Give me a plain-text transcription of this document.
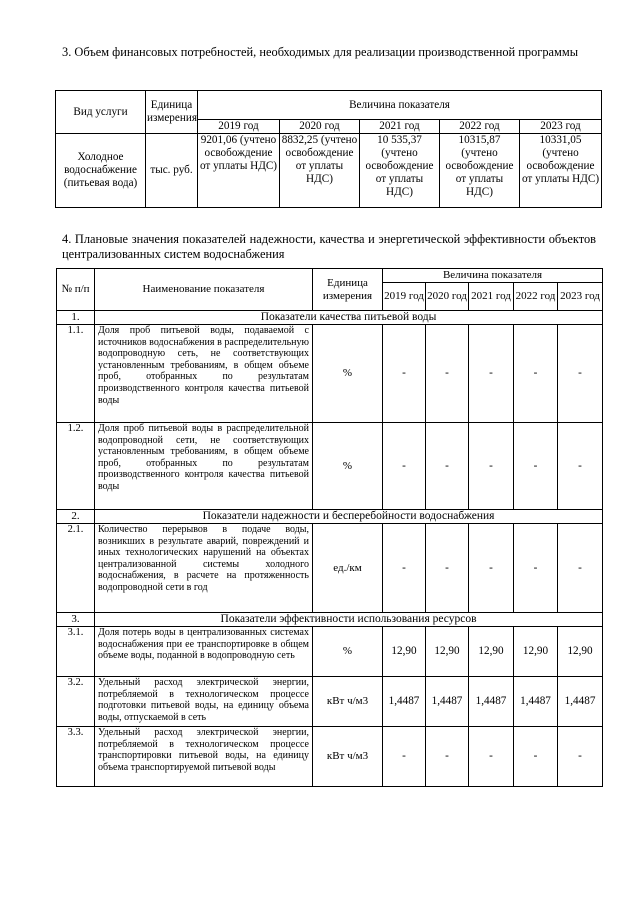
3. Объем финансовых потребностей, необходимых для реализации производственной программы
Вид услуги	Единица измерения	Величина показателя				
		2019 год	2020 год	2021 год	2022 год	2023 год
Холодное водоснабжение (питьевая вода)	тыс. руб.	9201,06 (учтено освобождение от уплаты НДС)	8832,25 (учтено освобождение от уплаты НДС)	10 535,37 (учтено освобождение от уплаты НДС)	10315,87 (учтено освобождение от уплаты НДС)	10331,05 (учтено освобождение от уплаты НДС)
4. Плановые значения показателей надежности, качества и энергетической эффективности объектов централизованных систем водоснабжения
№ п/п	Наименование показателя	Единица измерения	Величина показателя				
			2019 год	2020 год	2021 год	2022 год	2023 год
1.	Показатели качества питьевой воды						
1.1.	Доля проб питьевой воды, подаваемой с источников водоснабжения в распределительную водопроводную сеть, не соответствующих установленным требованиям, в общем объеме проб, отобранных по результатам производственного контроля качества питьевой воды	%	-	-	-	-	-
1.2.	Доля проб питьевой воды в распределительной водопроводной сети, не соответствующих установленным требованиям, в общем объеме проб, отобранных по результатам производственного контроля качества питьевой воды	%	-	-	-	-	-
2.	Показатели надежности и бесперебойности водоснабжения						
2.1.	Количество перерывов в подаче воды, возникших в результате аварий, повреждений и иных технологических нарушений на объектах централизованной системы холодного водоснабжения, в расчете на протяженность водопроводной сети в год	ед./км	-	-	-	-	-
3.	Показатели эффективности использования ресурсов						
3.1.	Доля потерь воды в централизованных системах водоснабжения при ее транспортировке в общем объеме воды, поданной в водопроводную сеть	%	12,90	12,90	12,90	12,90	12,90
3.2.	Удельный расход электрической энергии, потребляемой в технологическом процессе подготовки питьевой воды, на единицу объема воды, отпускаемой в сеть	кВт ч/м3	1,4487	1,4487	1,4487	1,4487	1,4487
3.3.	Удельный расход электрической энергии, потребляемой в технологическом процессе транспортировки питьевой воды, на единицу объема транспортируемой питьевой воды	кВт ч/м3	-	-	-	-	-
